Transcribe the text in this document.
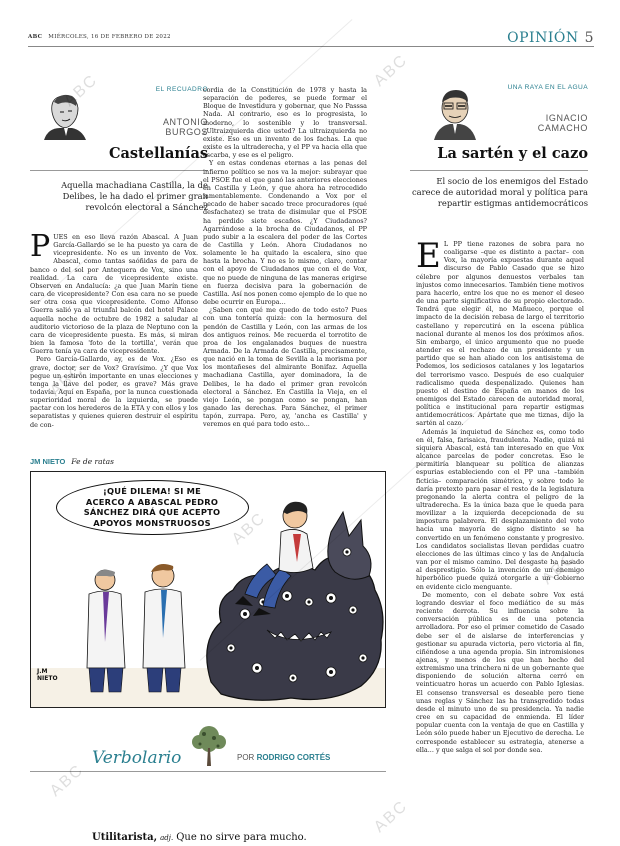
ABC MIÉRCOLES, 16 DE FEBRERO DE 2022	OPINIÓN 5
EL RECUADRO
ANTONIO
BURGOS
Castellanías
Aquella machadiana Castilla, la de Delibes, le ha dado el primer gran revolcón electoral a Sánchez

PUES en eso lleva razón Abascal. A Juan García-Gallardo se le ha puesto ya cara de vicepresidente. No es un invento de Vox. Abascal, como tantas saóñidas de para de banco o del sol por Antequera de Vox, sino una realidad. La cara de vicepresidente existe. Observen en Andalucía: ¿a que Juan Marín tiene cara de vicepresidente? Con esa cara no se puede ser otra cosa que vicepresidente. Como Alfonso Guerra salió ya al triunfal balcón del hotel Palace aquella noche de octubre de 1982 a saludar al auditorio victorioso de la plaza de Neptuno con la cara de vicepresidente puesta. Es más, si miran bien la famosa 'foto de la tortilla', verán que Guerra tenía ya cara de vicepresidente.

Pero García-Gallardo, ay, es de Vox. ¿Eso es grave, doctor, ser de Vox? Gravísimo. ¿Y que Vox pegue un estirón importante en unas elecciones y tenga la llave del poder, es grave? Más grave todavía. Aquí en España, por la nunca cuestionada superioridad moral de la izquierda, se puede pactar con los herederos de la ETA y con ellos y los separatistas y quienes quieren destruir el espíritu de con-

cordia de la Constitución de 1978 y hasta la separación de poderes, se puede formar el Bloque de Investidura y gobernar, que No Passsa Nada. Al contrario, eso es lo progresista, lo moderno, lo sostenible y lo transversal. ¿Ultraizquierda dice usted? La ultraizquierda no existe. Eso es un invento de los fachas. La que existe es la ultraderecha, y el PP va hacia ella que escarba, y ese es el peligro.

Y en estas condenas eternas a las penas del infierno político se nos va la mejor: subrayar que el PSOE fue el que ganó las anteriores elecciones en Castilla y León, y que ahora ha retrocedido lamentablemente. Condenando a Vox por el pecado de haber sacado trece procuradores (qué desfachatez) se trata de disimular que el PSOE ha perdido siete escaños. ¿Y Ciudadanos? Agarrándose a la brocha de Ciudadanos, el PP pudo subir a la escalera del poder de las Cortes de Castilla y León. Ahora Ciudadanos no solamente le ha quitado la escalera, sino que hasta la brocha. Y no es lo mismo, claro, contar con el apoyo de Ciudadanos que con el de Vox, que no puede de ninguna de las maneras erigirse en fuerza decisiva para la gobernación de Castilla. Así nos ponen como ejemplo de lo que no debe ocurrir en Europa...

¿Saben con qué me quedo de todo esto? Pues con una tontería quizá: con la hermosura del pendón de Castilla y León, con las armas de los dos antiguos reinos. Me recuerda el torrotito de proa de los engalanados buques de nuestra Armada. De la Armada de Castilla, precisamente, que nació en la toma de Sevilla a la morisma por los montañeses del almirante Bonifaz. Aquella machadiana Castilla, ayer dominadora, la de Delibes, le ha dado el primer gran revolcón electoral a Sánchez. En Castilla la Vieja, en el viejo León, se pongan como se pongan, han ganado las derechas. Para Sánchez, el primer tapón, zurrapa. Pero, ay, 'ancha es Castilla' y veremos en qué para todo esto...

JM NIETO Fe de ratas
¡QUÉ DILEMA! SI ME
ACERCO A ABASCAL PEDRO
SÁNCHEZ DIRÁ QUE ACEPTO
APOYOS MONSTRUOSOS
J.M
NIETO
Verbolario	POR RODRIGO CORTÉS
Utilitarista, adj. Que no sirve para mucho.
UNA RAYA EN EL AGUA
IGNACIO
CAMACHO
La sartén y el cazo
El socio de los enemigos del Estado carece de autoridad moral y política para repartir estigmas antidemocráticos

E L PP tiene razones de sobra para no coaligarse –que es distinto a pactar– con Vox, la mayoría expuestas durante aquel discurso de Pablo Casado que se hizo célebre por algunos denuestos verbales tan injustos como innecesarios. También tiene motivos para hacerlo, entre los que no es menor el deseo de una parte significativa de su propio electorado. Tendrá que elegir él, no Mañueco, porque el impacto de la decisión rebasa de largo el territorio castellano y repercutirá en la escena pública nacional durante al menos los dos próximos años. Sin embargo, el único argumento que no puede atender es el rechazo de un presidente y un partido que se han aliado con los antisistema de Podemos, los sediciosos catalanes y los legatarios del terrorismo vasco. Después de eso cualquier radicalismo queda despenalizado. Quienes han puesto el destino de España en manos de los enemigos del Estado carecen de autoridad moral, política e institucional para repartir estigmas antidemocráticos. Apártate que me tiznas, dijo la sartén al cazo.

Además la inquietud de Sánchez es, como todo en él, falsa, farisaica, fraudulenta. Nadie, quizá ni siquiera Abascal, está tan interesado en que Vox alcance parcelas de poder concretas. Eso le permitiría blanquear su política de alianzas espurias estableciendo con el PP una –también ficticia– comparación simétrica, y sobre todo le daría pretexto para pasar el resto de la legislatura pregonando la alerta contra el peligro de la ultraderecha. Es la única baza que le queda para movilizar a la izquierda decepcionada de su impostura palabrera. El desplazamiento del voto hacia una mayoría de signo distinto se ha convertido en un fenómeno constante y progresivo. Los candidatos socialistas llevan perdidas cuatro elecciones de las últimas cinco y las de Andalucía van por el mismo camino. Del desgaste ha pasado al desprestigio. Sólo la invención de un enemigo hiperbólico puede quizá otorgarle a un Gobierno en evidente ciclo menguante.

De momento, con el debate sobre Vox está logrando desviar el foco mediático de su más reciente derrota. Su influencia sobre la conversación pública es de una potencia arrolladora. Por eso el primer cometido de Casado debe ser el de aislarse de interferencias y gestionar su apurada victoria, pero victoria al fin, ciñéndose a una agenda propia. Sin intromisiones ajenas, y menos de los que han hecho del extremismo una trinchera ni de un gobernante que disponiendo de solución alterna cerró en veinticuatro horas un acuerdo con Pablo Iglesias. El consenso transversal es deseable pero tiene unas reglas y Sánchez las ha transgredido todas desde el minuto uno de su presidencia. Ya nadie cree en su capacidad de enmienda. El líder popular cuenta con la ventaja de que en Castilla y León sólo puede haber un Ejecutivo de derecha. Le corresponde establecer su estrategia, atenerse a ella... y que salga el sol por donde sea.

ABC
ABC
ABC
ABC
ABC
ABC
